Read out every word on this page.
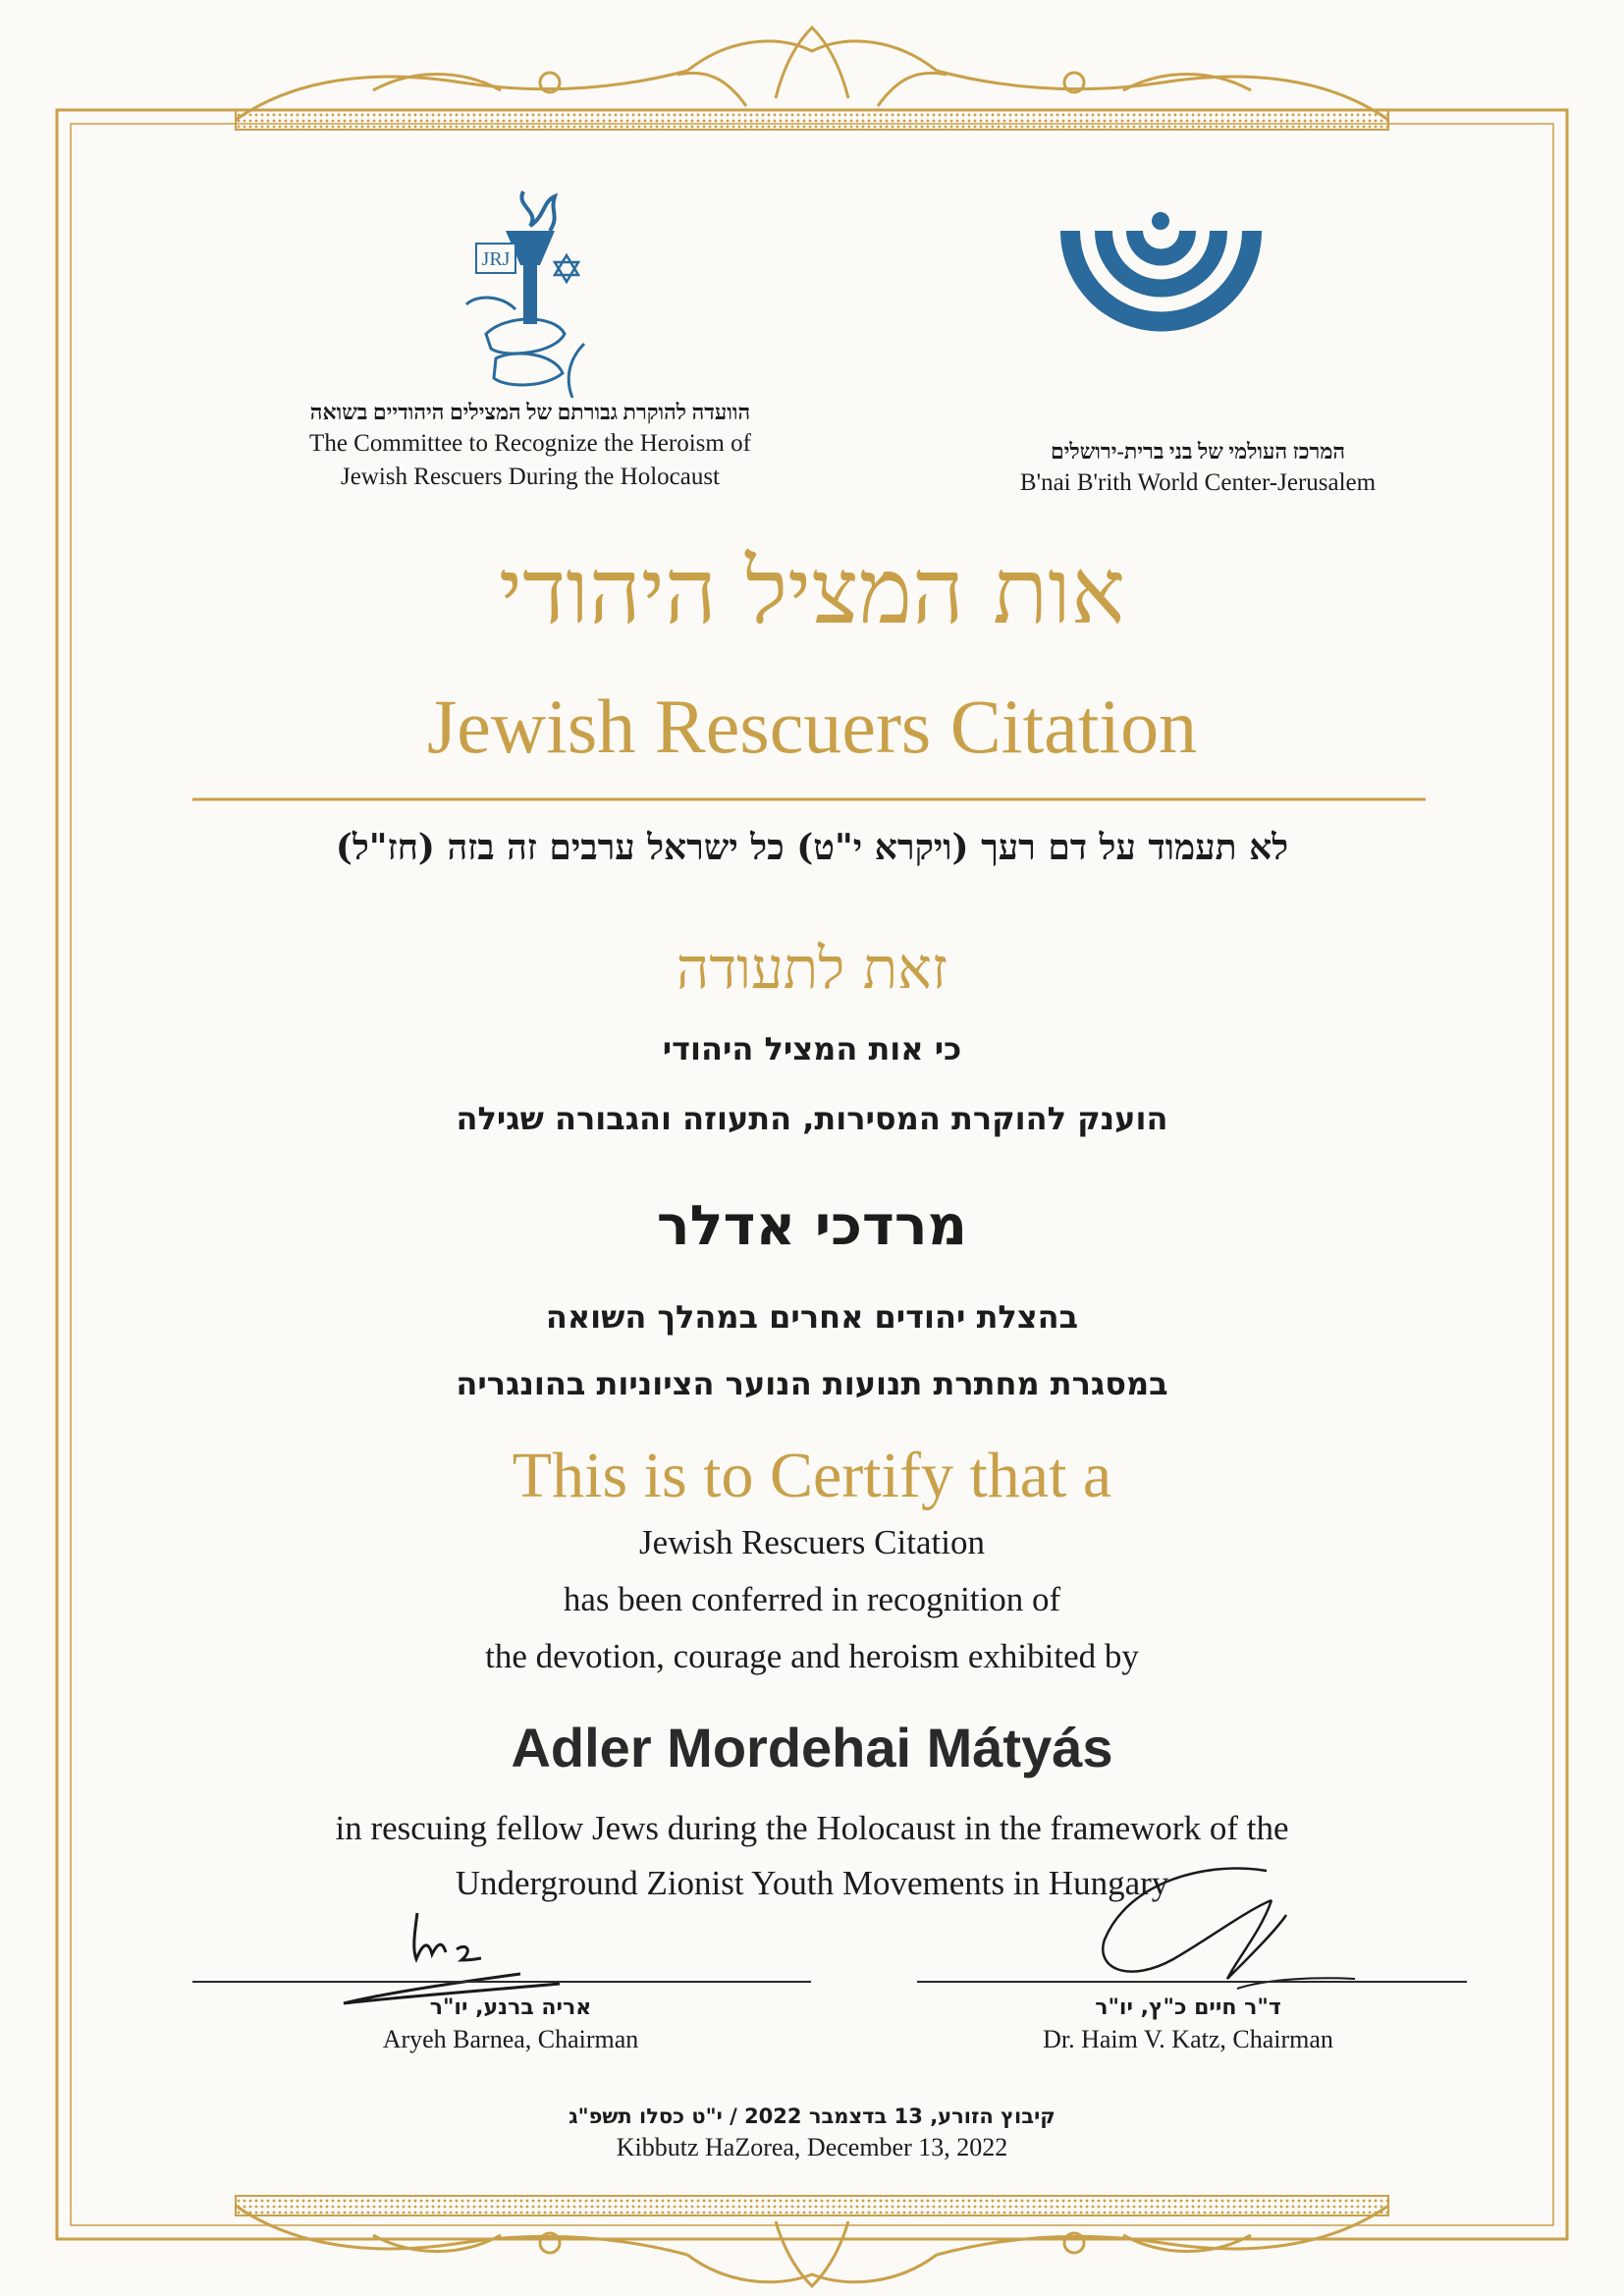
JRJ
הוועדה להוקרת גבורתם של המצילים היהודיים בשואה
The Committee to Recognize the Heroism of
Jewish Rescuers During the Holocaust
המרכז העולמי של בני ברית-ירושלים
B'nai B'rith World Center-Jerusalem
אות המציל היהודי
Jewish Rescuers Citation
לא תעמוד על דם רעך (ויקרא י"ט) כל ישראל ערבים זה בזה (חז"ל)
זאת לתעודה
כי אות המציל היהודי
הוענק להוקרת המסירות, התעוזה והגבורה שגילה
מרדכי אדלר
בהצלת יהודים אחרים במהלך השואה
במסגרת מחתרת תנועות הנוער הציוניות בהונגריה
This is to Certify that a
Jewish Rescuers Citation
has been conferred in recognition of
the devotion, courage and heroism exhibited by
Adler Mordehai Mátyás
in rescuing fellow Jews during the Holocaust in the framework of the
Underground Zionist Youth Movements in Hungary
אריה ברנע, יו"ר
Aryeh Barnea, Chairman
ד"ר חיים כ"ץ, יו"ר
Dr. Haim V. Katz, Chairman
קיבוץ הזורע, 13 בדצמבר 2022 / י"ט כסלו תשפ"ג
Kibbutz HaZorea, December 13, 2022
